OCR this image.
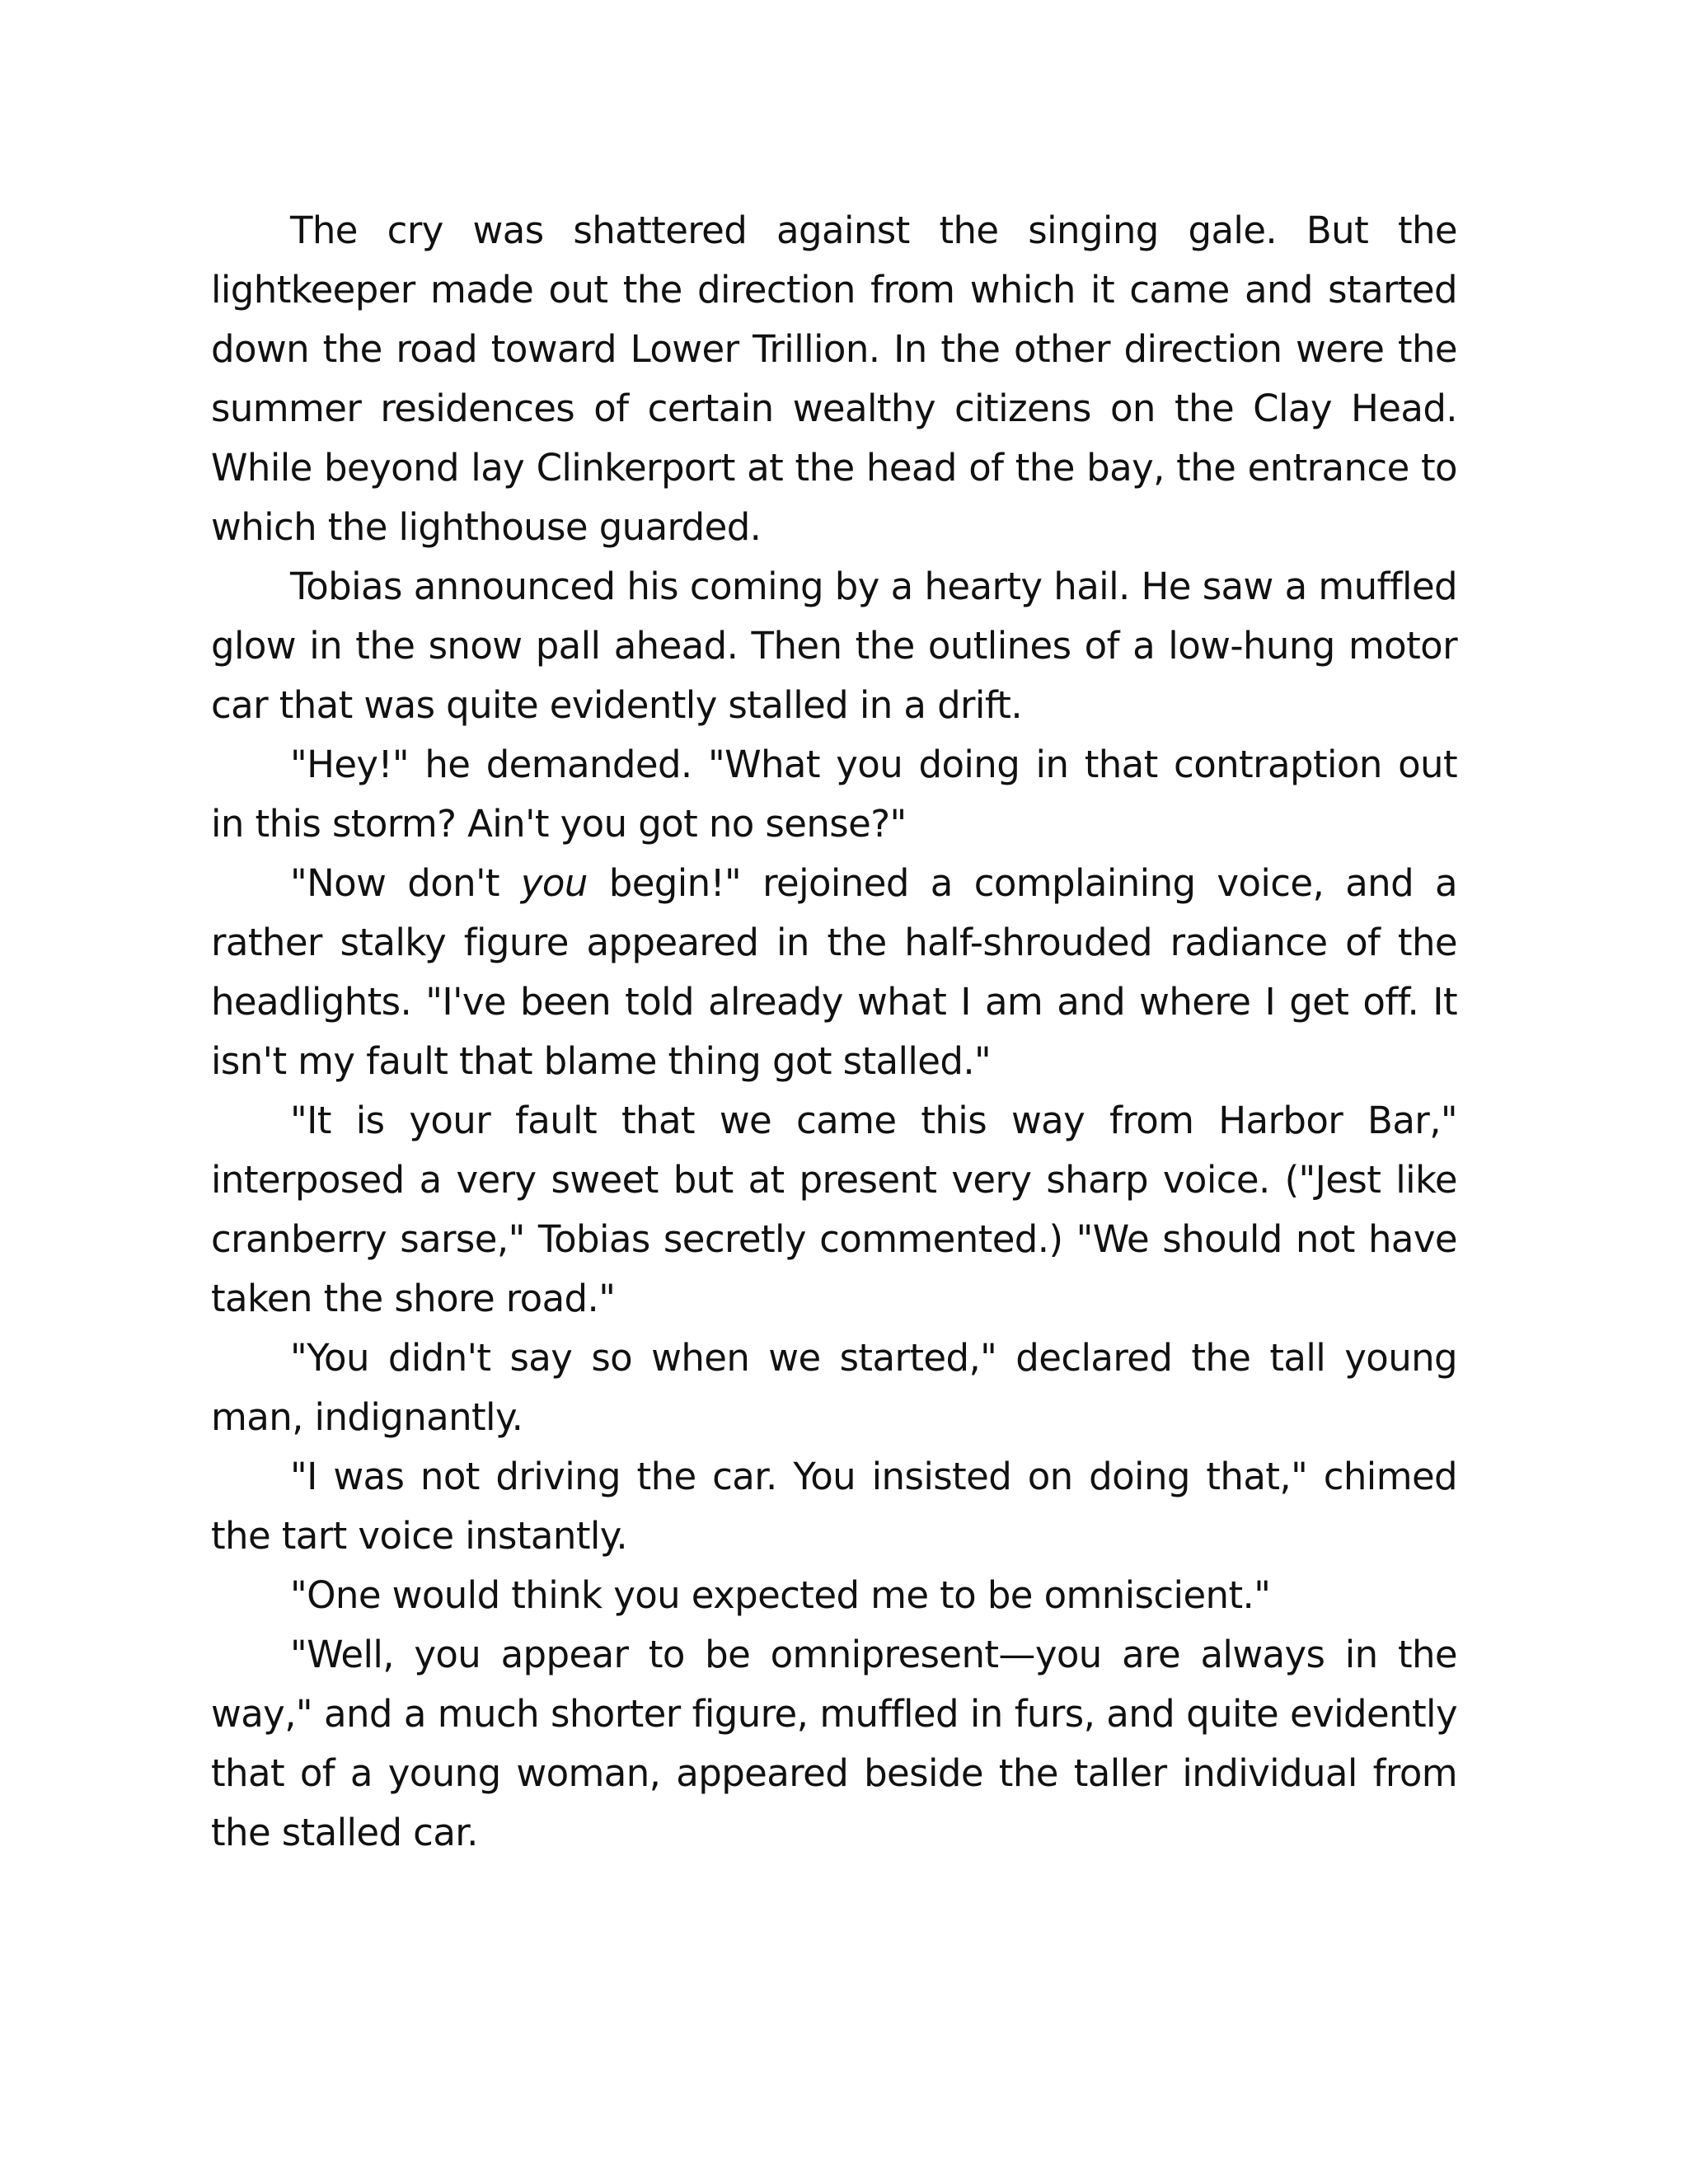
The cry was shattered against the singing gale. But the lightkeeper made out the direction from which it came and started down the road toward Lower Trillion. In the other direction were the summer residences of certain wealthy citizens on the Clay Head. While beyond lay Clinkerport at the head of the bay, the entrance to which the lighthouse guarded.

Tobias announced his coming by a hearty hail. He saw a muffled glow in the snow pall ahead. Then the outlines of a low-hung motor car that was quite evidently stalled in a drift.

"Hey!" he demanded. "What you doing in that contraption out in this storm? Ain't you got no sense?"

"Now don't you begin!" rejoined a complaining voice, and a rather stalky figure appeared in the half-shrouded radiance of the headlights. "I've been told already what I am and where I get off. It isn't my fault that blame thing got stalled."

"It is your fault that we came this way from Harbor Bar," interposed a very sweet but at present very sharp voice. ("Jest like cranberry sarse," Tobias secretly commented.) "We should not have taken the shore road."

"You didn't say so when we started," declared the tall young man, indignantly.

"I was not driving the car. You insisted on doing that," chimed the tart voice instantly.

"One would think you expected me to be omniscient."

"Well, you appear to be omnipresent—you are always in the way," and a much shorter figure, muffled in furs, and quite evidently that of a young woman, appeared beside the taller individual from the stalled car.
